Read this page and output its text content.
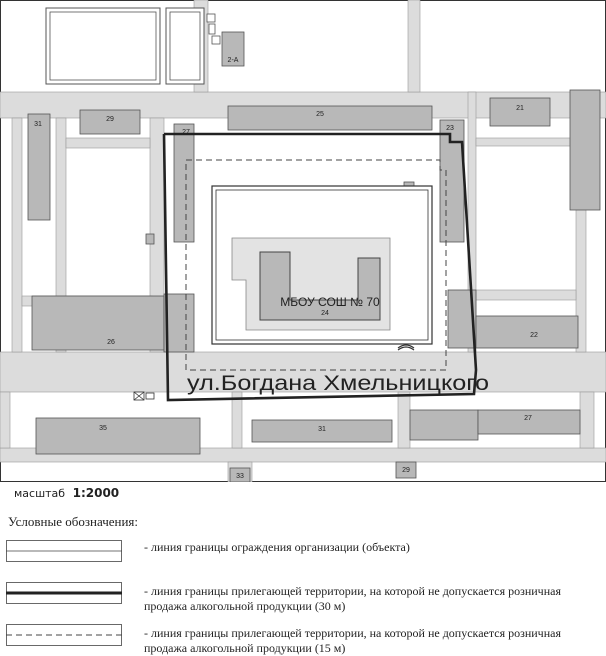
2-А
31
29
27
25
23
21
24
26
22
35	31
27
29
33
МБОУ СОШ № 70
ул.Богдана Хмельницкого
масштаб 1:2000
Условные обозначения:
- линия границы ограждения организации (объекта)
- линия границы прилегающей территории, на которой не допускается розничная продажа алкогольной продукции (30 м)
- линия границы прилегающей территории, на которой не допускается розничная продажа алкогольной продукции (15 м)
